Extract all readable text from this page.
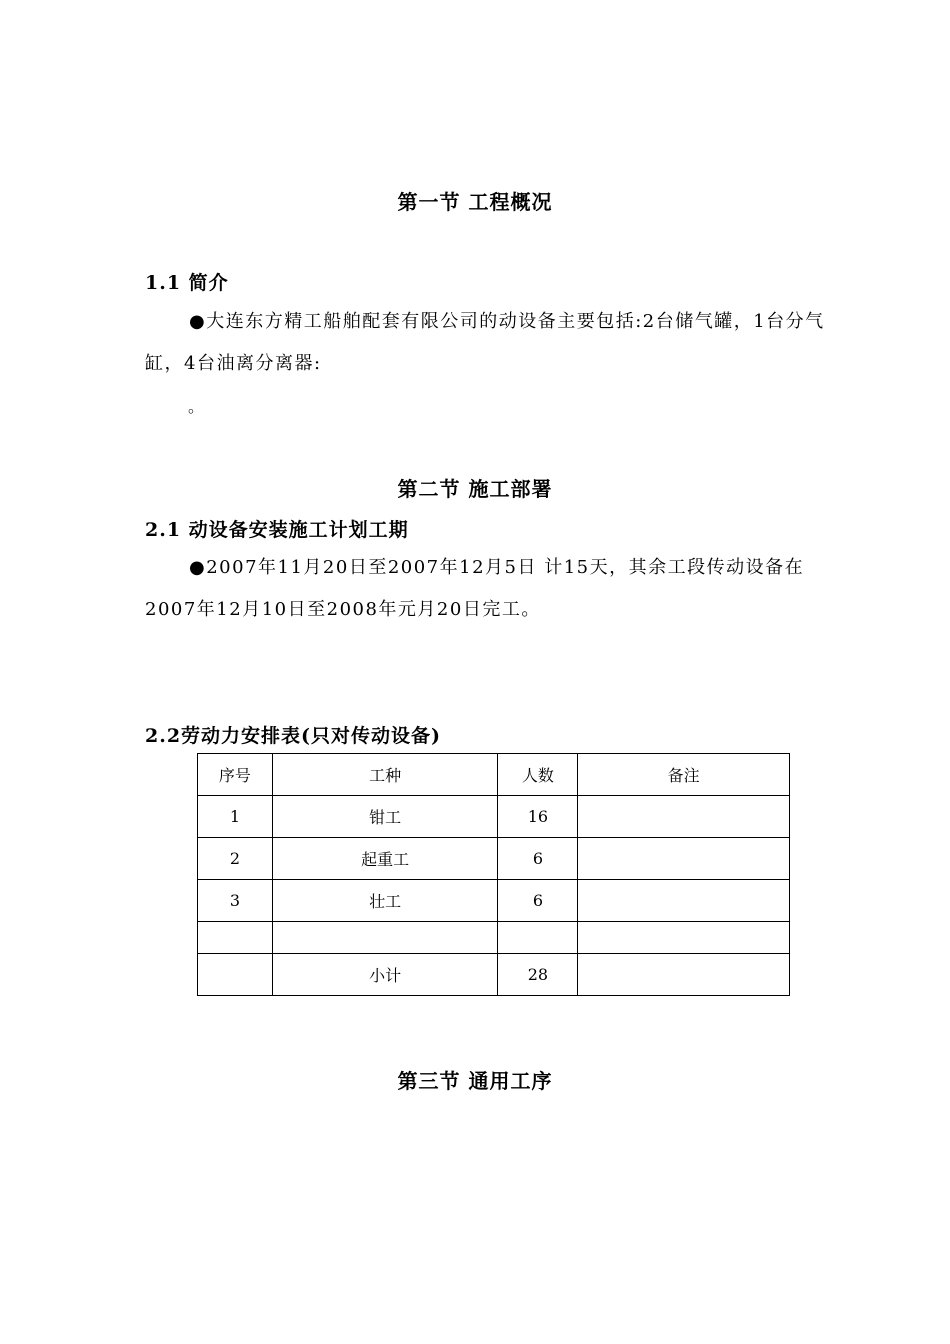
第一节 工程概况
1.1 简介

●大连东方精工船舶配套有限公司的动设备主要包括:2台储气罐，1台分气缸，4台油离分离器:

。
第二节 施工部署
2.1 动设备安装施工计划工期

●2007年11月20日至2007年12月5日 计15天，其余工段传动设备在2007年12月10日至2008年元月20日完工。

2.2劳动力安排表(只对传动设备)
序号	工种	人数	备注
1	钳工	16	
2	起重工	6	
3	壮工	6	

	小计	28	
第三节 通用工序
